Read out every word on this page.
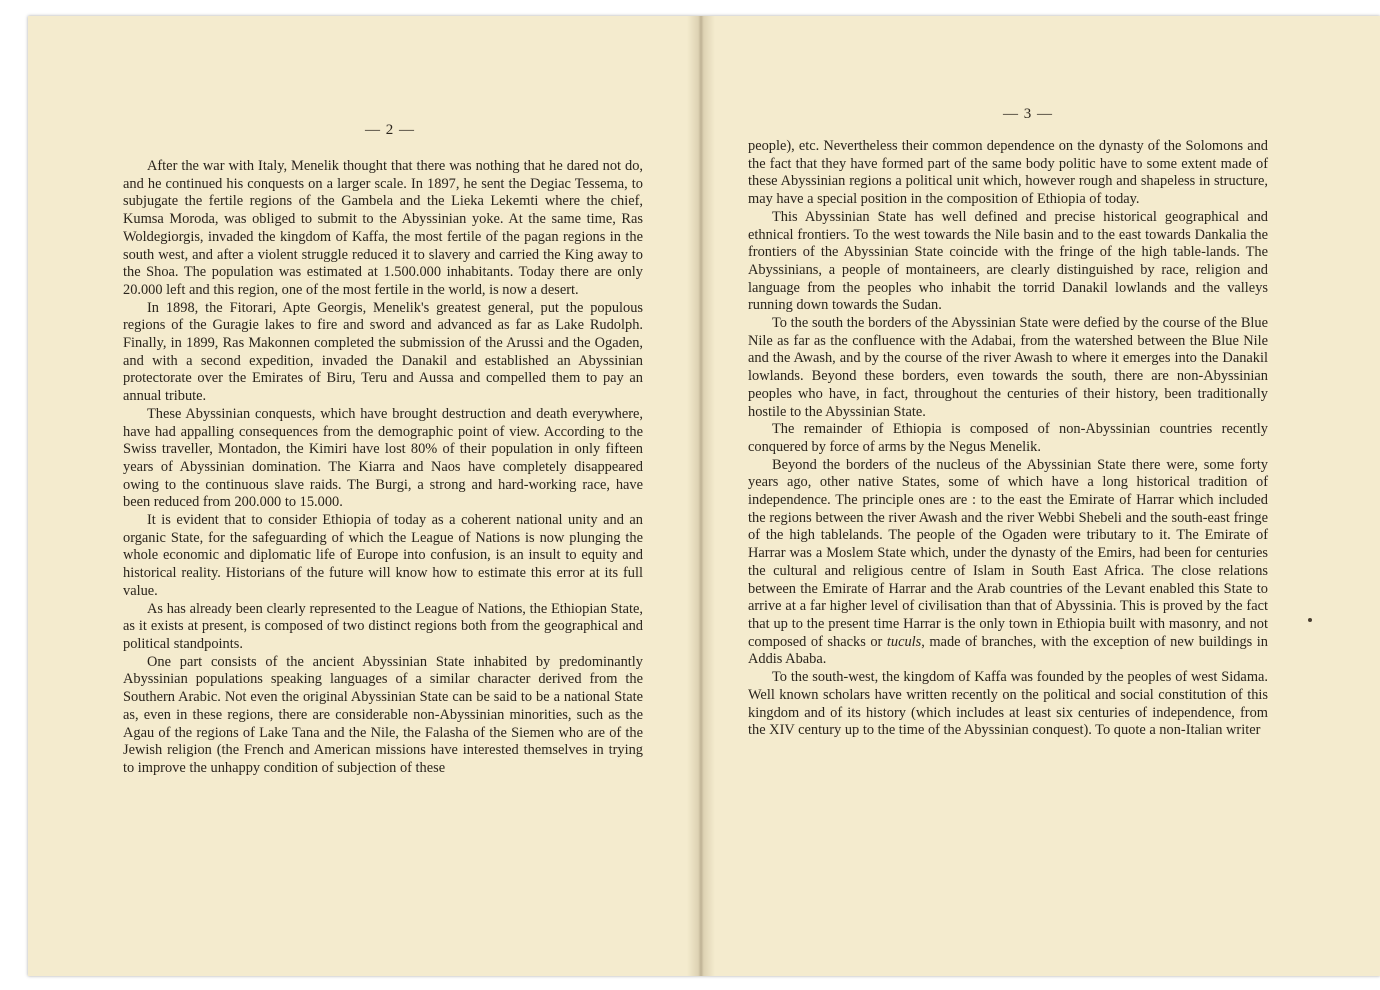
— 2 —

After the war with Italy, Menelik thought that there was nothing that he dared not do, and he continued his conquests on a larger scale. In 1897, he sent the Degiac Tessema, to subjugate the fertile regions of the Gambela and the Lieka Lekemti where the chief, Kumsa Moroda, was obliged to submit to the Abyssinian yoke. At the same time, Ras Woldegiorgis, invaded the kingdom of Kaffa, the most fertile of the pagan regions in the south west, and after a violent struggle reduced it to slavery and carried the King away to the Shoa. The population was estimated at 1.500.000 inhabitants. Today there are only 20.000 left and this region, one of the most fertile in the world, is now a desert.

In 1898, the Fitorari, Apte Georgis, Menelik's greatest general, put the populous regions of the Guragie lakes to fire and sword and advanced as far as Lake Rudolph. Finally, in 1899, Ras Makonnen completed the submission of the Arussi and the Ogaden, and with a second expedition, invaded the Danakil and established an Abyssinian protectorate over the Emirates of Biru, Teru and Aussa and compelled them to pay an annual tribute.

These Abyssinian conquests, which have brought destruction and death everywhere, have had appalling consequences from the demographic point of view. According to the Swiss traveller, Montadon, the Kimiri have lost 80% of their population in only fifteen years of Abyssinian domination. The Kiarra and Naos have completely disappeared owing to the continuous slave raids. The Burgi, a strong and hard-working race, have been reduced from 200.000 to 15.000.

It is evident that to consider Ethiopia of today as a coherent national unity and an organic State, for the safeguarding of which the League of Nations is now plunging the whole economic and diplomatic life of Europe into confusion, is an insult to equity and historical reality. Historians of the future will know how to estimate this error at its full value.

As has already been clearly represented to the League of Nations, the Ethiopian State, as it exists at present, is composed of two distinct regions both from the geographical and political standpoints.

One part consists of the ancient Abyssinian State inhabited by predominantly Abyssinian populations speaking languages of a similar character derived from the Southern Arabic. Not even the original Abyssinian State can be said to be a national State as, even in these regions, there are considerable non-Abyssinian minorities, such as the Agau of the regions of Lake Tana and the Nile, the Falasha of the Siemen who are of the Jewish religion (the French and American missions have interested themselves in trying to improve the unhappy condition of subjection of these

— 3 —

people), etc. Nevertheless their common dependence on the dynasty of the Solomons and the fact that they have formed part of the same body politic have to some extent made of these Abyssinian regions a political unit which, however rough and shapeless in structure, may have a special position in the composition of Ethiopia of today.

This Abyssinian State has well defined and precise historical geographical and ethnical frontiers. To the west towards the Nile basin and to the east towards Dankalia the frontiers of the Abyssinian State coincide with the fringe of the high table-lands. The Abyssinians, a people of montaineers, are clearly distinguished by race, religion and language from the peoples who inhabit the torrid Danakil lowlands and the valleys running down towards the Sudan.

To the south the borders of the Abyssinian State were defied by the course of the Blue Nile as far as the confluence with the Adabai, from the watershed between the Blue Nile and the Awash, and by the course of the river Awash to where it emerges into the Danakil lowlands. Beyond these borders, even towards the south, there are non-Abyssinian peoples who have, in fact, throughout the centuries of their history, been traditionally hostile to the Abyssinian State.

The remainder of Ethiopia is composed of non-Abyssinian countries recently conquered by force of arms by the Negus Menelik.

Beyond the borders of the nucleus of the Abyssinian State there were, some forty years ago, other native States, some of which have a long historical tradition of independence. The principle ones are : to the east the Emirate of Harrar which included the regions between the river Awash and the river Webbi Shebeli and the south-east fringe of the high tablelands. The people of the Ogaden were tributary to it. The Emirate of Harrar was a Moslem State which, under the dynasty of the Emirs, had been for centuries the cultural and religious centre of Islam in South East Africa. The close relations between the Emirate of Harrar and the Arab countries of the Levant enabled this State to arrive at a far higher level of civilisation than that of Abyssinia. This is proved by the fact that up to the present time Harrar is the only town in Ethiopia built with masonry, and not composed of shacks or tuculs, made of branches, with the exception of new buildings in Addis Ababa.

To the south-west, the kingdom of Kaffa was founded by the peoples of west Sidama. Well known scholars have written recently on the political and social constitution of this kingdom and of its history (which includes at least six centuries of independence, from the XIV century up to the time of the Abyssinian conquest). To quote a non-Italian writer
